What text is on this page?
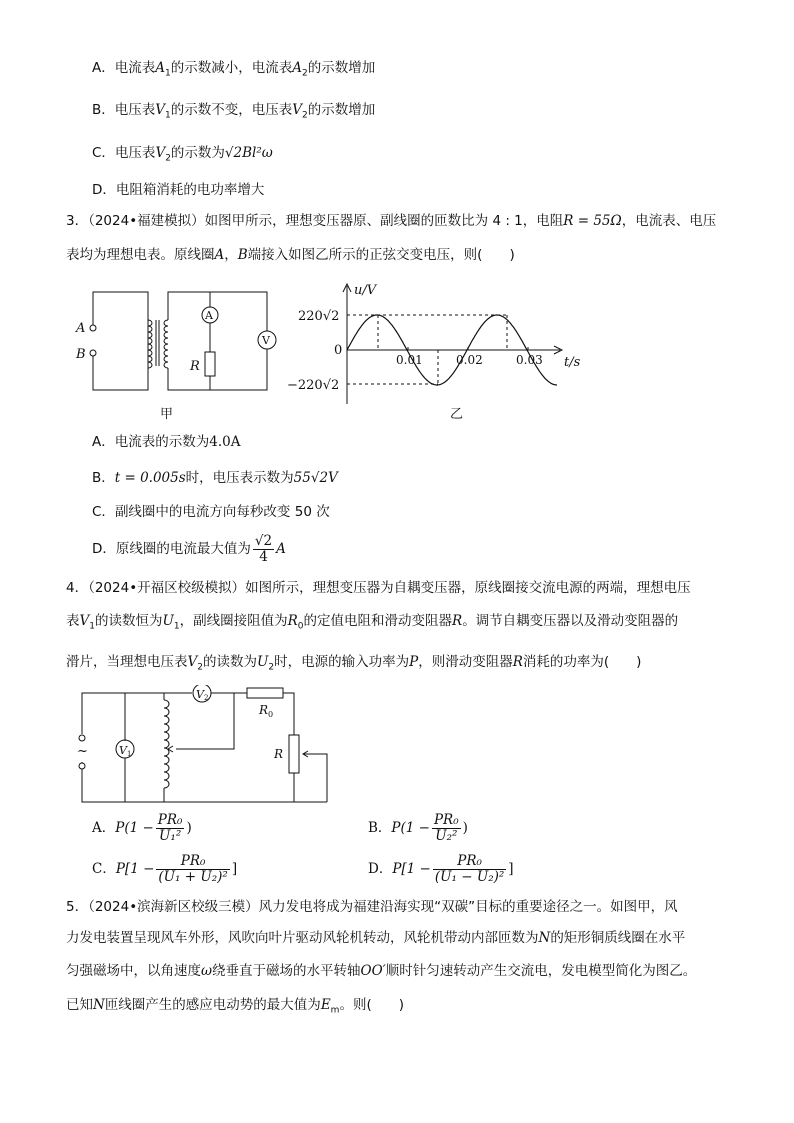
A．电流表$A_1$的示数减小，电流表$A_2$的示数增加
B．电压表$V_1$的示数不变，电压表$V_2$的示数增加
C．电压表$V_2$的示数为√2Bl²ω
D．电阻箱消耗的电功率增大
3．（2024•福建模拟）如图甲所示，理想变压器原、副线圈的匝数比为 4 : 1，电阻R = 55Ω，电流表、电压
表均为理想电表。原线圈A，B端接入如图乙所示的正弦交变电压，则(　　)
A
B
A
V
R
甲
u/V
t/s
0
220√2
−220√2
0.01	0.02	0.03
乙
A．电流表的示数为4.0A
B．t = 0.005s时，电压表示数为55√2V
C．副线圈中的电流方向每秒改变 50 次
D．原线圈的电流最大值为 $\frac{√2}{4}$ A
4．（2024•开福区校级模拟）如图所示，理想变压器为自耦变压器，原线圈接交流电源的两端，理想电压
表$V_1$的读数恒为$U_1$，副线圈接阻值为$R_0$的定值电阻和滑动变阻器R。调节自耦变压器以及滑动变阻器的
滑片，当理想电压表$V_2$的读数为$U_2$时，电源的输入功率为P，则滑动变阻器R消耗的功率为(　　)
~	V 1
V 2
R 0
R
A．$P(1 - \frac{\text{PR₀}}{\text{U₁²}}$ )	B．$P(1 - \frac{\text{PR₀}}{\text{U₂²}}$ )
C．$P[1 - \frac{\text{PR₀}}{\text{(U₁ + U₂)²}}$ ]	D．$P[1 - \frac{\text{PR₀}}{\text{(U₁ − U₂)²}}$ ]
5．（2024•滨海新区校级三模）风力发电将成为福建沿海实现“双碳”目标的重要途径之一。如图甲，风
力发电装置呈现风车外形，风吹向叶片驱动风轮机转动，风轮机带动内部匝数为N的矩形铜质线圈在水平
匀强磁场中，以角速度ω绕垂直于磁场的水平转轴OO′顺时针匀速转动产生交流电，发电模型简化为图乙。
已知N匝线圈产生的感应电动势的最大值为$E_m$。则(　　)
